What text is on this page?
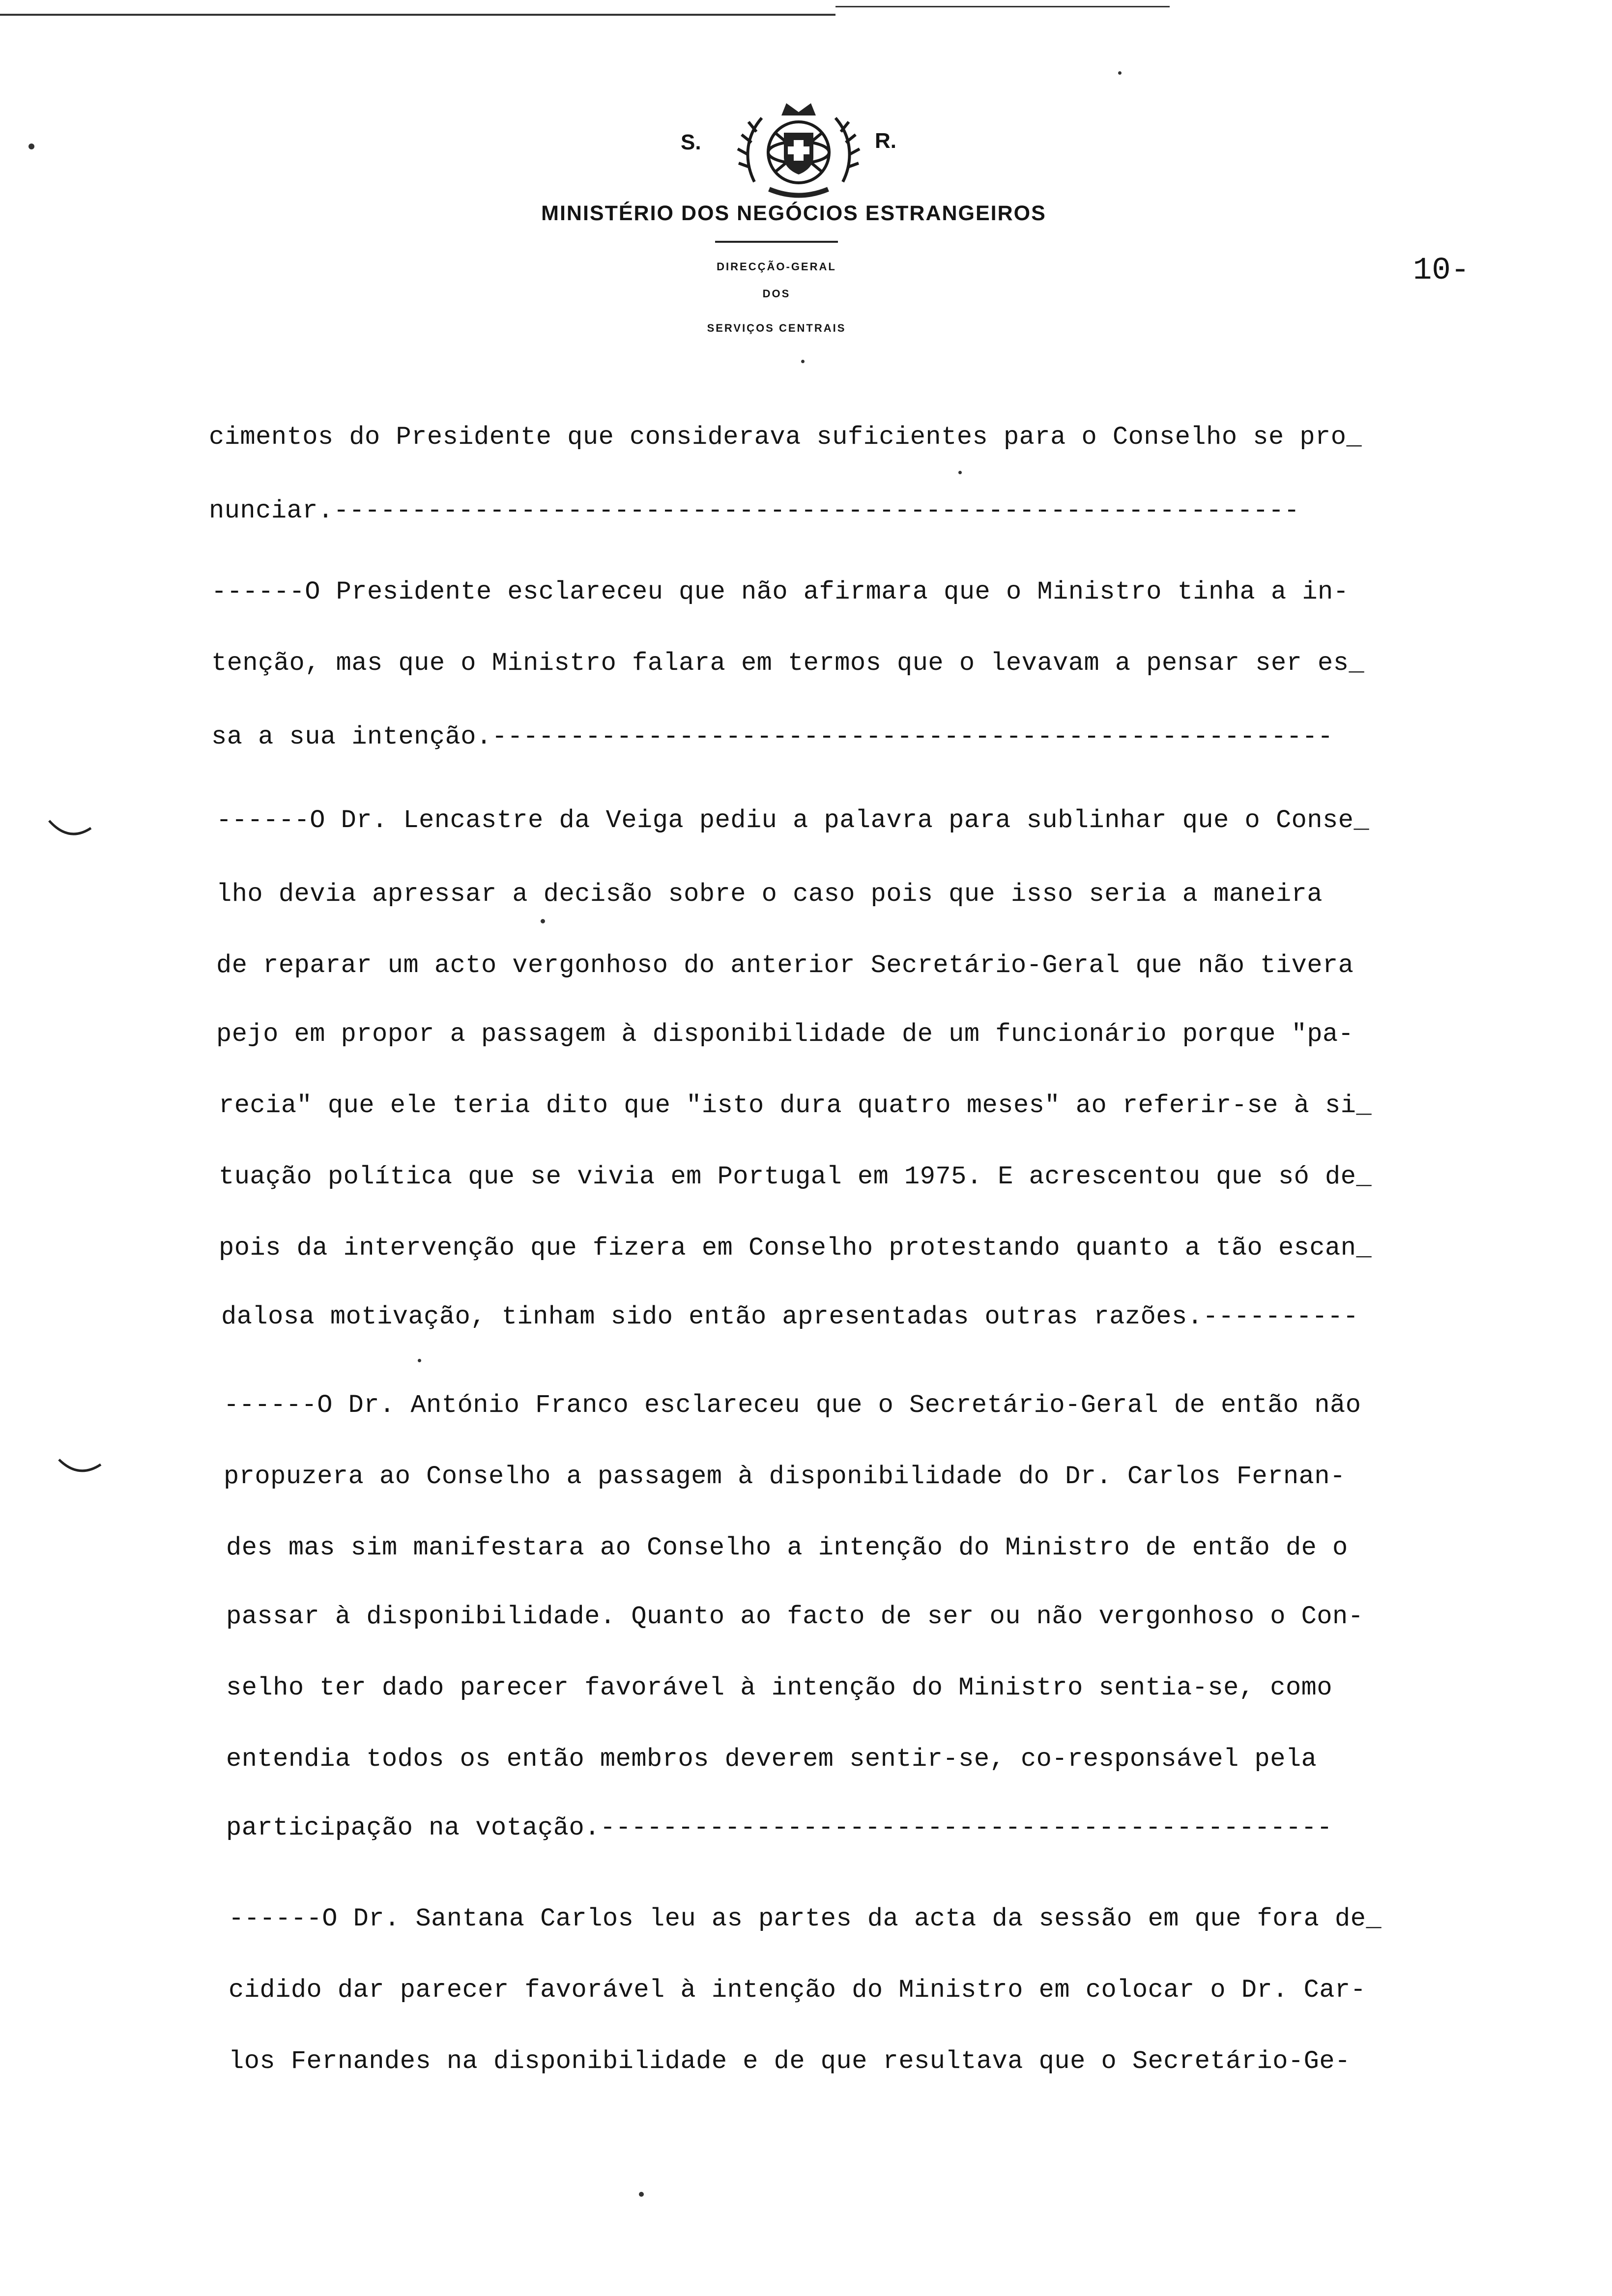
S.	R.
MINISTÉRIO DOS NEGÓCIOS ESTRANGEIROS
DIRECÇÃO-GERAL
DOS
SERVIÇOS CENTRAIS
10-
cimentos do Presidente que considerava suficientes para o Conselho se pro_
nunciar.--------------------------------------------------------------
------O Presidente esclareceu que não afirmara que o Ministro tinha a in-
tenção, mas que o Ministro falara em termos que o levavam a pensar ser es_
sa a sua intenção.------------------------------------------------------
------O Dr. Lencastre da Veiga pediu a palavra para sublinhar que o Conse_
lho devia apressar a decisão sobre o caso pois que isso seria a maneira
de reparar um acto vergonhoso do anterior Secretário-Geral que não tivera
pejo em propor a passagem à disponibilidade de um funcionário porque "pa-
recia" que ele teria dito que "isto dura quatro meses" ao referir-se à si_
tuação política que se vivia em Portugal em 1975. E acrescentou que só de_
pois da intervenção que fizera em Conselho protestando quanto a tão escan_
dalosa motivação, tinham sido então apresentadas outras razões.----------
------O Dr. António Franco esclareceu que o Secretário-Geral de então não
propuzera ao Conselho a passagem à disponibilidade do Dr. Carlos Fernan-
des mas sim manifestara ao Conselho a intenção do Ministro de então de o
passar à disponibilidade. Quanto ao facto de ser ou não vergonhoso o Con-
selho ter dado parecer favorável à intenção do Ministro sentia-se, como
entendia todos os então membros deverem sentir-se, co-responsável pela
participação na votação.-----------------------------------------------
------O Dr. Santana Carlos leu as partes da acta da sessão em que fora de_
cidido dar parecer favorável à intenção do Ministro em colocar o Dr. Car-
los Fernandes na disponibilidade e de que resultava que o Secretário-Ge-
